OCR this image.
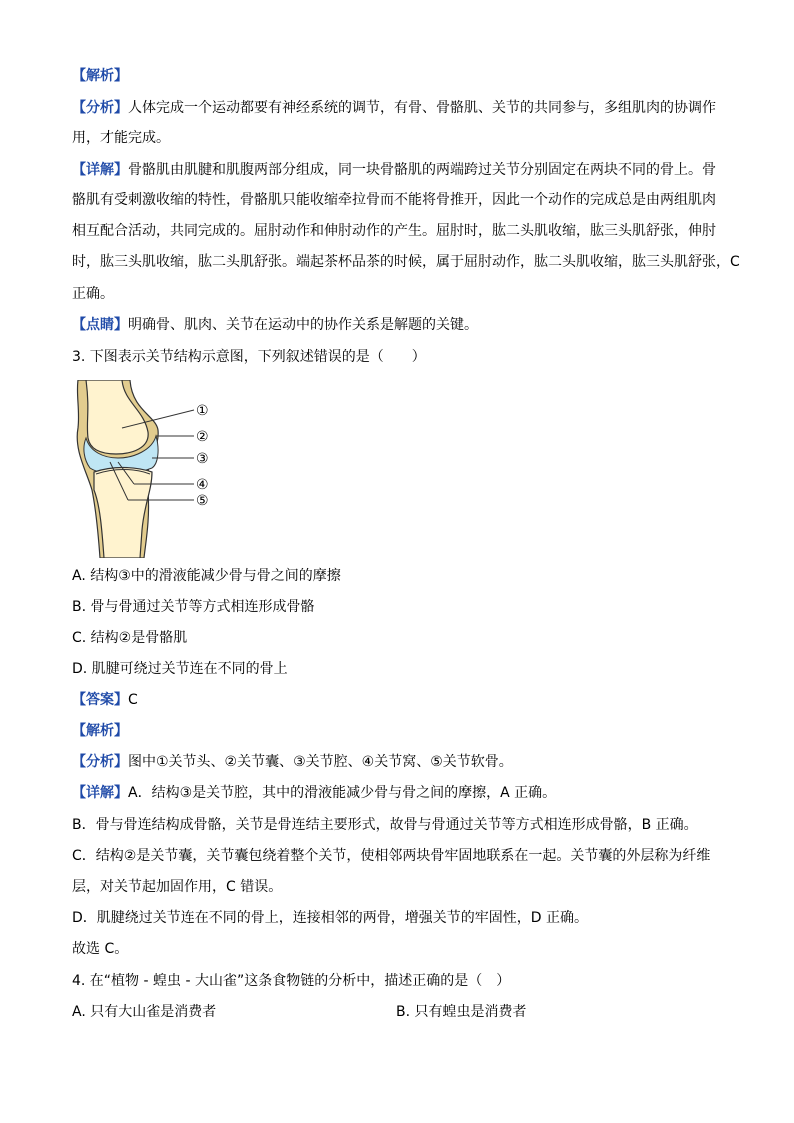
【解析】
【分析】人体完成一个运动都要有神经系统的调节，有骨、骨骼肌、关节的共同参与，多组肌肉的协调作
用，才能完成。
【详解】骨骼肌由肌腱和肌腹两部分组成，同一块骨骼肌的两端跨过关节分别固定在两块不同的骨上。骨
骼肌有受刺激收缩的特性，骨骼肌只能收缩牵拉骨而不能将骨推开，因此一个动作的完成总是由两组肌肉
相互配合活动，共同完成的。屈肘动作和伸肘动作的产生。屈肘时，肱二头肌收缩，肱三头肌舒张，伸肘
时，肱三头肌收缩，肱二头肌舒张。端起茶杯品茶的时候，属于屈肘动作，肱二头肌收缩，肱三头肌舒张，C
正确。
【点睛】明确骨、肌肉、关节在运动中的协作关系是解题的关键。
3. 下图表示关节结构示意图，下列叙述错误的是（　　）
①
②
③
④
⑤
A. 结构③中的滑液能减少骨与骨之间的摩擦
B. 骨与骨通过关节等方式相连形成骨骼
C. 结构②是骨骼肌
D. 肌腱可绕过关节连在不同的骨上
【答案】C
【解析】
【分析】图中①关节头、②关节囊、③关节腔、④关节窝、⑤关节软骨。
【详解】A．结构③是关节腔，其中的滑液能减少骨与骨之间的摩擦，A 正确。
B．骨与骨连结构成骨骼，关节是骨连结主要形式，故骨与骨通过关节等方式相连形成骨骼，B 正确。
C．结构②是关节囊，关节囊包绕着整个关节，使相邻两块骨牢固地联系在一起。关节囊的外层称为纤维
层，对关节起加固作用，C 错误。
D．肌腱绕过关节连在不同的骨上，连接相邻的两骨，增强关节的牢固性，D 正确。
故选 C。
4. 在“植物 - 蝗虫 - 大山雀”这条食物链的分析中，描述正确的是（　）
A. 只有大山雀是消费者	B. 只有蝗虫是消费者
